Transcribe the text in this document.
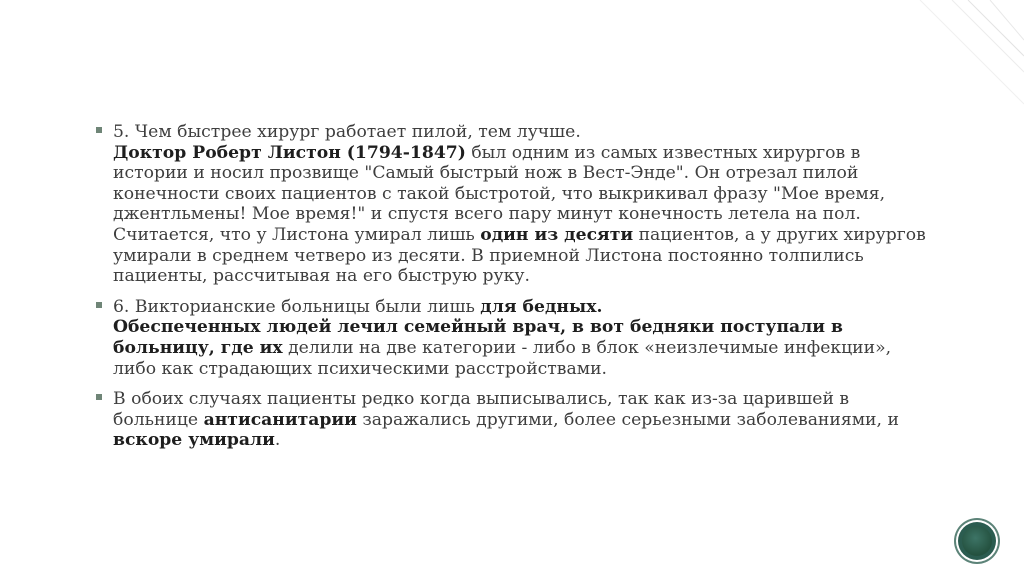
5. Чем быстрее хирург работает пилой, тем лучше.
Доктор Роберт Листон (1794-1847) был одним из самых известных хирургов в истории и носил прозвище "Самый быстрый нож в Вест-Энде". Он отрезал пилой конечности своих пациентов с такой быстротой, что выкрикивал фразу "Мое время, джентльмены! Мое время!" и спустя всего пару минут конечность летела на пол. Считается, что у Листона умирал лишь один из десяти пациентов, а у других хирургов умирали в среднем четверо из десяти. В приемной Листона постоянно толпились пациенты, рассчитывая на его быструю руку.
6. Викторианские больницы были лишь для бедных.
Обеспеченных людей лечил семейный врач, в вот бедняки поступали в больницу, где их делили на две категории - либо в блок «неизлечимые инфекции», либо как страдающих психическими расстройствами.
В обоих случаях пациенты редко когда выписывались, так как из-за царившей в больнице антисанитарии заражались другими, более серьезными заболеваниями, и вскоре умирали.
